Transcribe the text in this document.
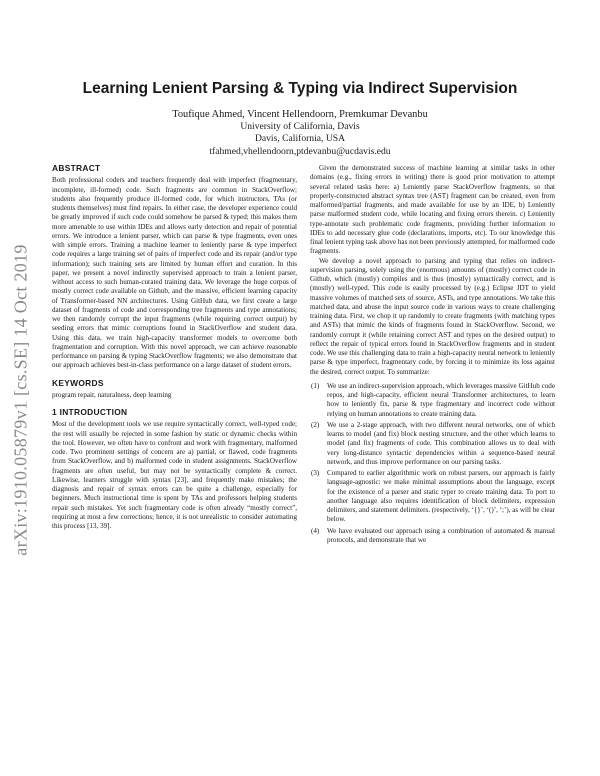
arXiv:1910.05879v1 [cs.SE] 14 Oct 2019
Learning Lenient Parsing & Typing via Indirect Supervision
Toufique Ahmed, Vincent Hellendoorn, Premkumar Devanbu
University of California, Davis
Davis, California, USA
tfahmed,vhellendoorn,ptdevanbu@ucdavis.edu
ABSTRACT

Both professional coders and teachers frequently deal with imperfect (fragmentary, incomplete, ill-formed) code. Such fragments are common in StackOverflow; students also frequently produce ill-formed code, for which instructors, TAs (or students themselves) must find repairs. In either case, the developer experience could be greatly improved if such code could somehow be parsed & typed; this makes them more amenable to use within IDEs and allows early detection and repair of potential errors. We introduce a lenient parser, which can parse & type fragments, even ones with simple errors. Training a machine learner to leniently parse & type imperfect code requires a large training set of pairs of imperfect code and its repair (and/or type information); such training sets are limited by human effort and curation. In this paper, we present a novel indirectly supervised approach to train a lenient parser, without access to such human-curated training data. We leverage the huge corpus of mostly correct code available on Github, and the massive, efficient learning capacity of Transformer-based NN architectures. Using GitHub data, we first create a large dataset of fragments of code and corresponding tree fragments and type annotations; we then randomly corrupt the input fragments (while requiring correct output) by seeding errors that mimic corruptions found in StackOverflow and student data. Using this data, we train high-capacity transformer models to overcome both fragmentation and corruption. With this novel approach, we can achieve reasonable performance on parsing & typing StackOverflow fragments; we also demonstrate that our approach achieves best-in-class performance on a large dataset of student errors.

KEYWORDS

program repair, naturalness, deep learning

1 INTRODUCTION

Most of the development tools we use require syntactically correct, well-typed code; the rest will usually be rejected in some fashion by static or dynamic checks within the tool. However, we often have to confront and work with fragmentary, malformed code. Two prominent settings of concern are a) partial, or flawed, code fragments from StackOverflow, and b) malformed code in student assignments. StackOverflow fragments are often useful, but may not be syntactically complete & correct. Likewise, learners struggle with syntax [23], and frequently make mistakes; the diagnosis and repair of syntax errors can be quite a challenge, especially for beginners. Much instructional time is spent by TAs and professors helping students repair such mistakes. Yet such fragmentary code is often already “mostly correct”, requiring at most a few corrections; hence, it is not unrealistic to consider automating this process [13, 39].

Given the demonstrated success of machine learning at similar tasks in other domains (e.g., fixing errors in writing) there is good prior motivation to attempt several related tasks here: a) Leniently parse StackOverflow fragments, so that properly-constructed abstract syntax tree (AST) fragment can be created, even from malformed/partial fragments, and made available for use by an IDE, b) Leniently parse malformed student code, while locating and fixing errors therein. c) Leniently type-annotate such problematic code fragments, providing further information to IDEs to add necessary glue code (declarations, imports, etc). To our knowledge this final lenient typing task above has not been previously attempted, for malformed code fragments.

We develop a novel approach to parsing and typing that relies on indirect-supervision parsing, solely using the (enormous) amounts of (mostly) correct code in Github, which (mostly) compiles and is thus (mostly) syntactically correct, and is (mostly) well-typed. This code is easily processed by (e.g.) Eclipse JDT to yield massive volumes of matched sets of source, ASTs, and type annotations. We take this matched data, and abuse the input source code in various ways to create challenging training data. First, we chop it up randomly to create fragments (with matching types and ASTs) that mimic the kinds of fragments found in StackOverflow. Second, we randomly corrupt it (while retaining correct AST and types on the desired output) to reflect the repair of typical errors found in StackOverflow fragments and in student code. We use this challenging data to train a high-capacity neural network to leniently parse & type imperfect, fragmentary code, by forcing it to minimize its loss against the desired, correct output. To summarize:

(1) We use an indirect-supervision approach, which leverages massive GitHub code repos, and high-capacity, efficient neural Transformer architectures, to learn how to leniently fix, parse & type fragmentary and incorrect code without relying on human annotations to create training data.
(2) We use a 2-stage approach, with two different neural networks, one of which learns to model (and fix) block nesting structure, and the other which learns to model (and fix) fragments of code. This combination allows us to deal with very long-distance syntactic dependencies within a sequence-based neural network, and thus improve performance on our parsing tasks.
(3) Compared to earlier algorithmic work on robust parsers, our approach is fairly language-agnostic: we make minimal assumptions about the language, except for the existence of a parser and static typer to create training data. To port to another language also requires identification of block delimiters, expression delimiters, and statement delimiters. (respectively, ‘{}’, ‘()’, ‘;’), as will be clear below.
(4) We have evaluated our approach using a combination of automated & manual protocols, and demonstrate that we
